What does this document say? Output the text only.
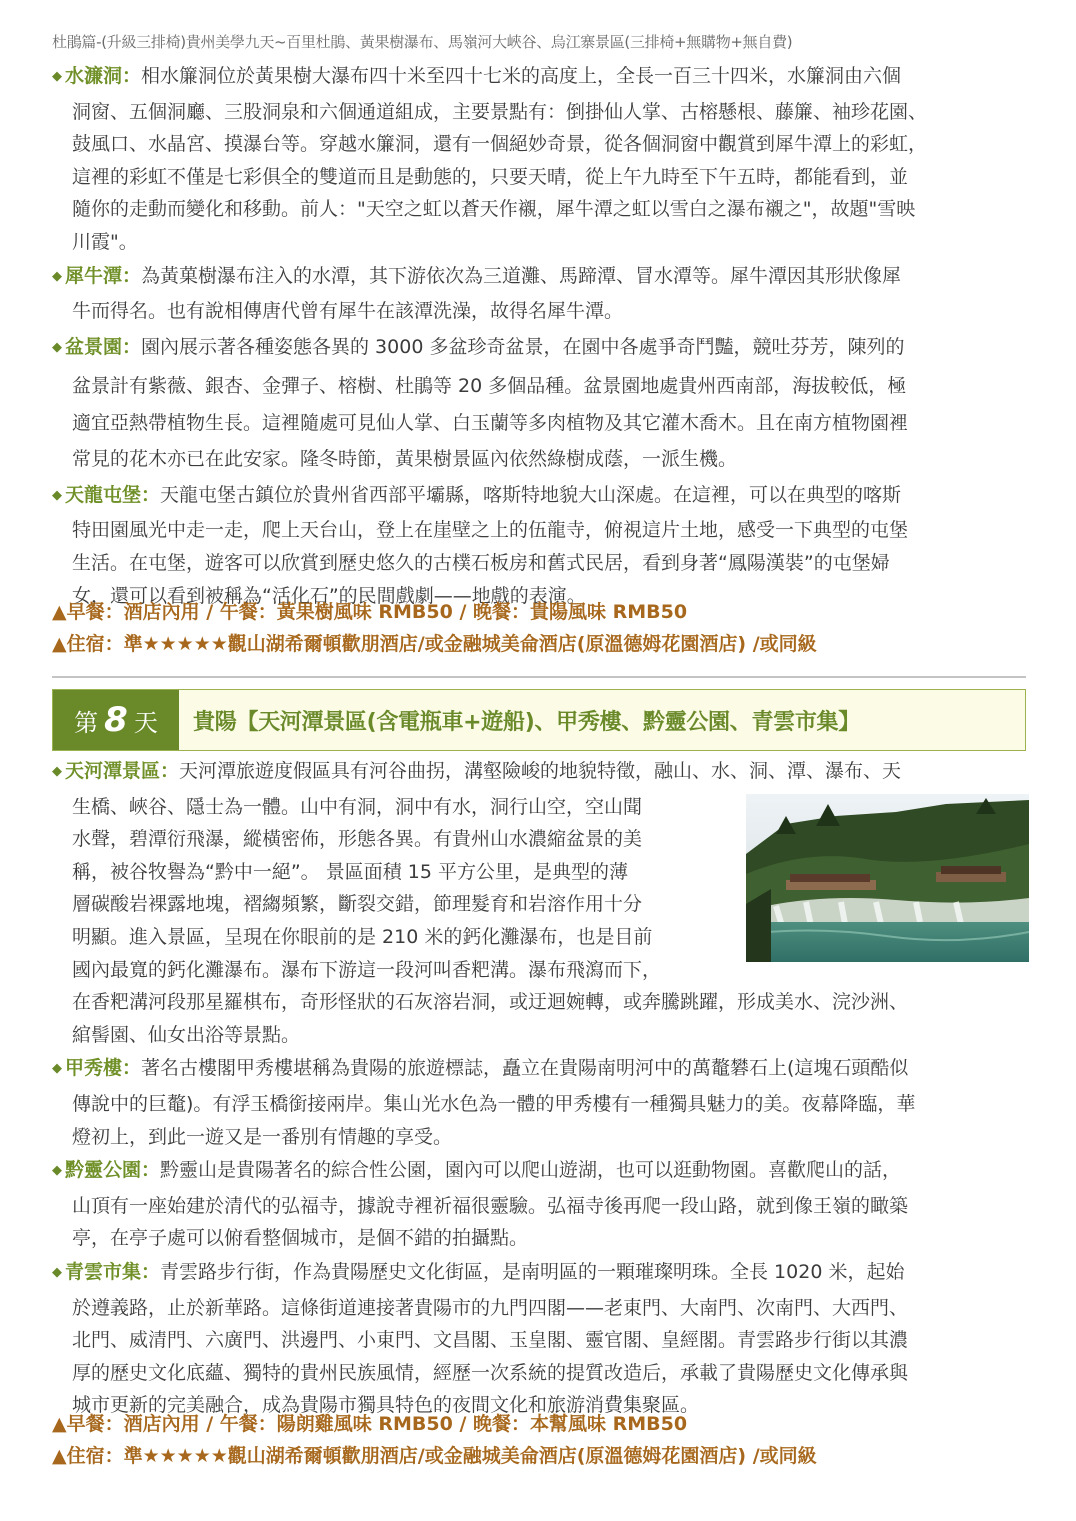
杜鵑篇-(升級三排椅)貴州美學九天~百里杜鵑、黃果樹瀑布、馬嶺河大峽谷、烏江寨景區(三排椅+無購物+無自費)

◆ 水濂洞：相水簾洞位於黃果樹大瀑布四十米至四十七米的高度上，全長一百三十四米，水簾洞由六個
洞窗、五個洞廳、三股洞泉和六個通道組成，主要景點有：倒掛仙人掌、古榕懸根、藤簾、袖珍花園、
鼓風口、水晶宮、摸瀑台等。穿越水簾洞，還有一個絕妙奇景，從各個洞窗中觀賞到犀牛潭上的彩虹，
這裡的彩虹不僅是七彩俱全的雙道而且是動態的，只要天晴，從上午九時至下午五時，都能看到，並
隨你的走動而變化和移動。前人："天空之虹以蒼天作襯，犀牛潭之虹以雪白之瀑布襯之"，故題"雪映
川霞"。

◆ 犀牛潭：為黃菓樹瀑布注入的水潭，其下游依次為三道灘、馬蹄潭、冒水潭等。犀牛潭因其形狀像犀
牛而得名。也有說相傳唐代曾有犀牛在該潭洗澡，故得名犀牛潭。

◆ 盆景園：園內展示著各種姿態各異的 3000 多盆珍奇盆景，在園中各處爭奇鬥豔，競吐芬芳，陳列的
盆景計有紫薇、銀杏、金彈子、榕樹、杜鵑等 20 多個品種。盆景園地處貴州西南部，海拔較低，極
適宜亞熱帶植物生長。這裡隨處可見仙人掌、白玉蘭等多肉植物及其它灌木喬木。且在南方植物園裡
常見的花木亦已在此安家。隆冬時節，黃果樹景區內依然綠樹成蔭，一派生機。

◆ 天龍屯堡：天龍屯堡古鎮位於貴州省西部平壩縣，喀斯特地貌大山深處。在這裡，可以在典型的喀斯
特田園風光中走一走，爬上天台山，登上在崖壁之上的伍龍寺，俯視這片土地，感受一下典型的屯堡
生活。在屯堡，遊客可以欣賞到歷史悠久的古樸石板房和舊式民居，看到身著“鳳陽漢裝”的屯堡婦
女，還可以看到被稱為“活化石”的民間戲劇——地戲的表演。

▲早餐：酒店內用 / 午餐：黃果樹風味 RMB50 / 晚餐：貴陽風味 RMB50
▲住宿：準★★★★★觀山湖希爾頓歡朋酒店/或金融城美侖酒店(原溫德姆花園酒店) /或同級
第 8 天 貴陽【天河潭景區(含電瓶車+遊船)、甲秀樓、黔靈公園、青雲市集】

◆ 天河潭景區：天河潭旅遊度假區具有河谷曲拐，溝壑險峻的地貌特徵，融山、水、洞、潭、瀑布、天
生橋、峽谷、隱士為一體。山中有洞，洞中有水，洞行山空，空山聞
水聲，碧潭衍飛瀑，縱橫密佈，形態各異。有貴州山水濃縮盆景的美
稱，被谷牧譽為“黔中一絕”。 景區面積 15 平方公里，是典型的薄
層碳酸岩裸露地塊，褶縐頻繁，斷裂交錯，節理髮育和岩溶作用十分
明顯。進入景區，呈現在你眼前的是 210 米的鈣化灘瀑布，也是目前
國內最寬的鈣化灘瀑布。瀑布下游這一段河叫香粑溝。瀑布飛瀉而下，
在香粑溝河段那星羅棋布，奇形怪狀的石灰溶岩洞，或迂迴婉轉，或奔騰跳躍，形成美水、浣沙洲、
綰髻園、仙女出浴等景點。

◆ 甲秀樓：著名古樓閣甲秀樓堪稱為貴陽的旅遊標誌，矗立在貴陽南明河中的萬鼇礬石上(這塊石頭酷似
傳說中的巨鼇)。有浮玉橋銜接兩岸。集山光水色為一體的甲秀樓有一種獨具魅力的美。夜幕降臨，華
燈初上，到此一遊又是一番別有情趣的享受。

◆ 黔靈公園：黔靈山是貴陽著名的綜合性公園，園內可以爬山遊湖，也可以逛動物園。喜歡爬山的話，
山頂有一座始建於清代的弘福寺，據說寺裡祈福很靈驗。弘福寺後再爬一段山路，就到像王嶺的瞰築
亭，在亭子處可以俯看整個城市，是個不錯的拍攝點。

◆ 青雲市集：青雲路步行街，作為貴陽歷史文化街區，是南明區的一顆璀璨明珠。全長 1020 米，起始
於遵義路，止於新華路。這條街道連接著貴陽市的九門四閣——老東門、大南門、次南門、大西門、
北門、威清門、六廣門、洪邊門、小東門、文昌閣、玉皇閣、靈官閣、皇經閣。青雲路步行街以其濃
厚的歷史文化底蘊、獨特的貴州民族風情，經歷一次系統的提質改造后，承載了貴陽歷史文化傳承與
城市更新的完美融合，成為貴陽市獨具特色的夜間文化和旅游消費集聚區。

▲早餐：酒店內用 / 午餐：陽朗雞風味 RMB50 / 晚餐：本幫風味 RMB50
▲住宿：準★★★★★觀山湖希爾頓歡朋酒店/或金融城美侖酒店(原溫德姆花園酒店) /或同級
